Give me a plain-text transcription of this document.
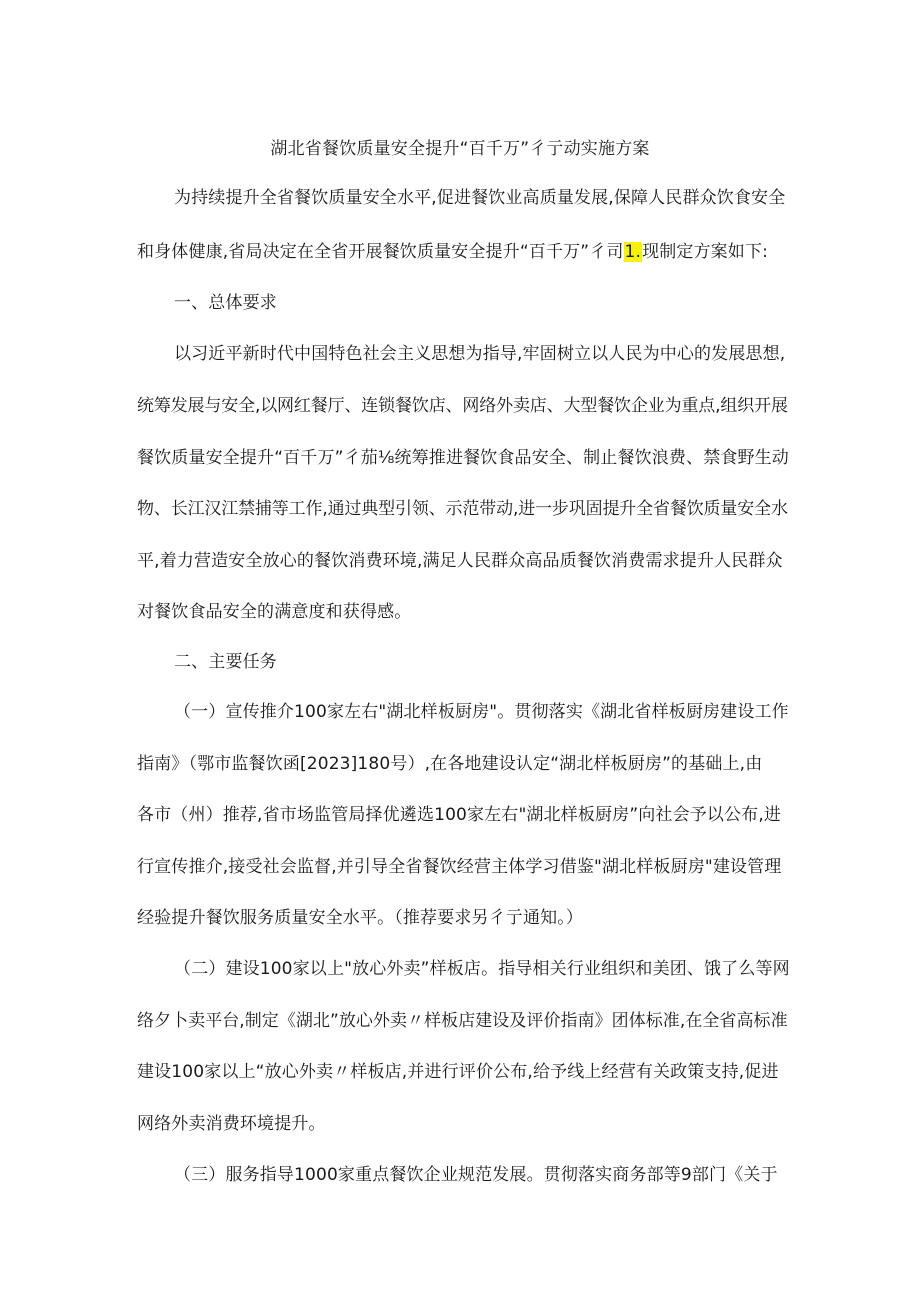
湖北省餐饮质量安全提升“百千万”彳亍动实施方案
为持续提升全省餐饮质量安全水平,促进餐饮业高质量发展,保障人民群众饮食安全
和身体健康,省局决定在全省开展餐饮质量安全提升“百千万”彳司1.现制定方案如下:
一、总体要求
以习近平新时代中国特色社会主义思想为指导,牢固树立以人民为中心的发展思想,
统筹发展与安全,以网红餐厅、连锁餐饮店、网络外卖店、大型餐饮企业为重点,组织开展
餐饮质量安全提升“百千万”彳茄⅛统筹推进餐饮食品安全、制止餐饮浪费、禁食野生动
物、长江汉江禁捕等工作,通过典型引领、示范带动,进一步巩固提升全省餐饮质量安全水
平,着力营造安全放心的餐饮消费环境,满足人民群众高品质餐饮消费需求提升人民群众
对餐饮食品安全的满意度和获得感。
二、主要任务
（一）宣传推介100家左右"湖北样板厨房"。贯彻落实《湖北省样板厨房建设工作
指南》（鄂市监餐饮函[2023]180号）,在各地建设认定“湖北样板厨房”的基础上,由
各市（州）推荐,省市场监管局择优遴选100家左右"湖北样板厨房”向社会予以公布,进
行宣传推介,接受社会监督,并引导全省餐饮经营主体学习借鉴"湖北样板厨房"建设管理
经验提升餐饮服务质量安全水平。（推荐要求另彳亍通知。）
（二）建设100家以上"放心外卖”样板店。指导相关行业组织和美团、饿了么等网
络夕卜卖平台,制定《湖北”放心外卖〃样板店建设及评价指南》团体标准,在全省高标准
建设100家以上“放心外卖〃样板店,并进行评价公布,给予线上经营有关政策支持,促进
网络外卖消费环境提升。
（三）服务指导1000家重点餐饮企业规范发展。贯彻落实商务部等9部门《关于
